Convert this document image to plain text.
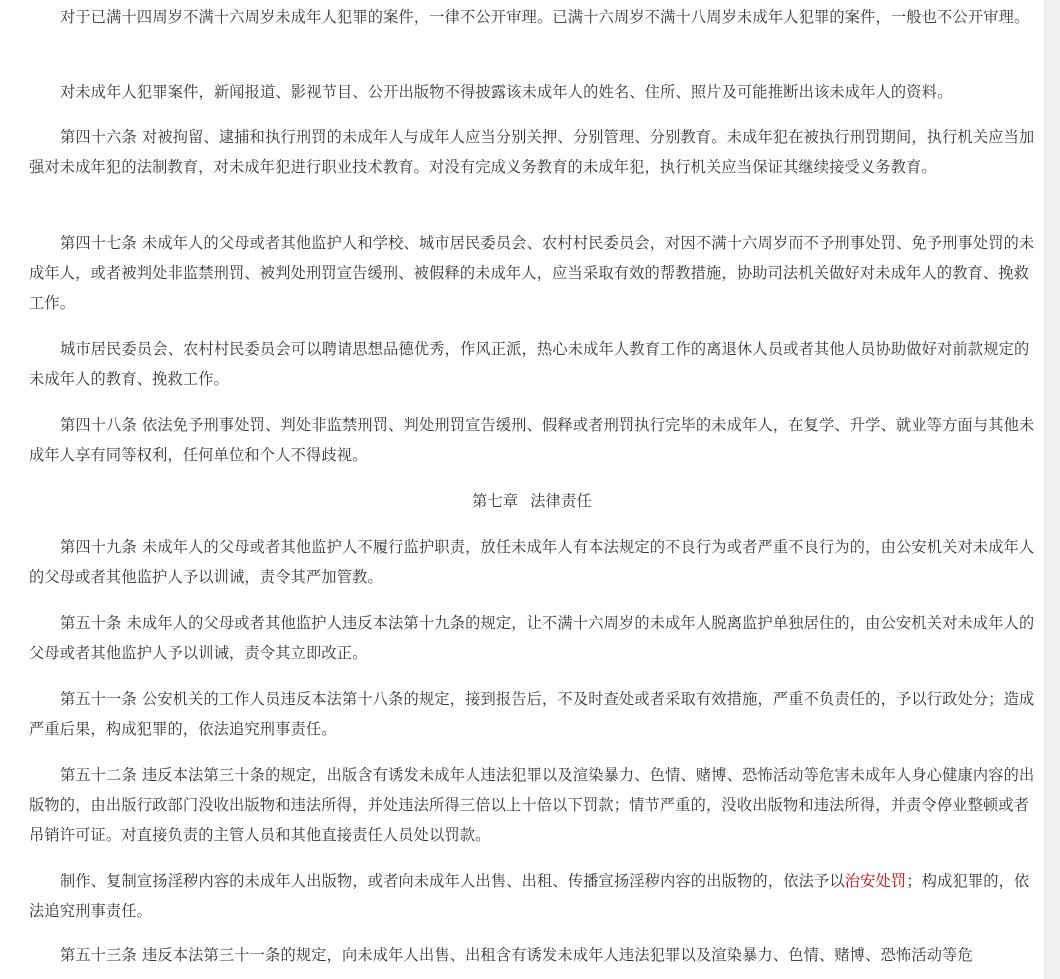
对于已满十四周岁不满十六周岁未成年人犯罪的案件，一律不公开审理。已满十六周岁不满十八周岁未成年人犯罪的案件，一般也不公开审理。

对未成年人犯罪案件，新闻报道、影视节目、公开出版物不得披露该未成年人的姓名、住所、照片及可能推断出该未成年人的资料。

第四十六条 对被拘留、逮捕和执行刑罚的未成年人与成年人应当分别关押、分别管理、分别教育。未成年犯在被执行刑罚期间，执行机关应当加强对未成年犯的法制教育，对未成年犯进行职业技术教育。对没有完成义务教育的未成年犯，执行机关应当保证其继续接受义务教育。

第四十七条 未成年人的父母或者其他监护人和学校、城市居民委员会、农村村民委员会，对因不满十六周岁而不予刑事处罚、免予刑事处罚的未成年人，或者被判处非监禁刑罚、被判处刑罚宣告缓刑、被假释的未成年人，应当采取有效的帮教措施，协助司法机关做好对未成年人的教育、挽救工作。

城市居民委员会、农村村民委员会可以聘请思想品德优秀，作风正派，热心未成年人教育工作的离退休人员或者其他人员协助做好对前款规定的未成年人的教育、挽救工作。

第四十八条 依法免予刑事处罚、判处非监禁刑罚、判处刑罚宣告缓刑、假释或者刑罚执行完毕的未成年人，在复学、升学、就业等方面与其他未成年人享有同等权利，任何单位和个人不得歧视。

第七章 法律责任

第四十九条 未成年人的父母或者其他监护人不履行监护职责，放任未成年人有本法规定的不良行为或者严重不良行为的，由公安机关对未成年人的父母或者其他监护人予以训诫，责令其严加管教。

第五十条 未成年人的父母或者其他监护人违反本法第十九条的规定，让不满十六周岁的未成年人脱离监护单独居住的，由公安机关对未成年人的父母或者其他监护人予以训诫，责令其立即改正。

第五十一条 公安机关的工作人员违反本法第十八条的规定，接到报告后，不及时查处或者采取有效措施，严重不负责任的，予以行政处分；造成严重后果，构成犯罪的，依法追究刑事责任。

第五十二条 违反本法第三十条的规定，出版含有诱发未成年人违法犯罪以及渲染暴力、色情、赌博、恐怖活动等危害未成年人身心健康内容的出版物的，由出版行政部门没收出版物和违法所得，并处违法所得三倍以上十倍以下罚款；情节严重的，没收出版物和违法所得，并责令停业整顿或者吊销许可证。对直接负责的主管人员和其他直接责任人员处以罚款。

制作、复制宣扬淫秽内容的未成年人出版物，或者向未成年人出售、出租、传播宣扬淫秽内容的出版物的，依法予以治安处罚；构成犯罪的，依法追究刑事责任。

第五十三条 违反本法第三十一条的规定，向未成年人出售、出租含有诱发未成年人违法犯罪以及渲染暴力、色情、赌博、恐怖活动等危
